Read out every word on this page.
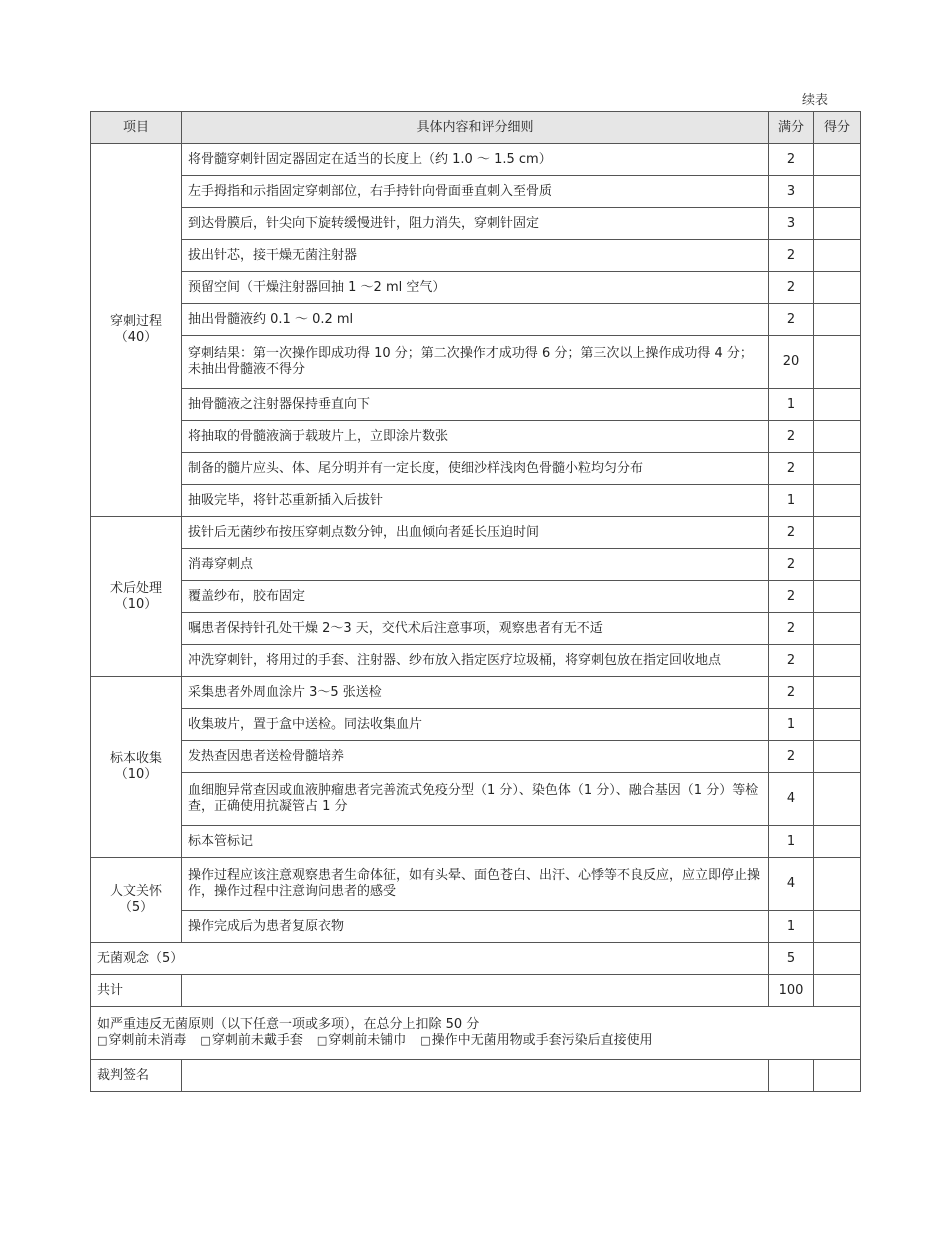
续表
项目	具体内容和评分细则	满分	得分
穿刺过程（40）	将骨髓穿刺针固定器固定在适当的长度上（约 1.0 ～ 1.5 cm）	2	
	左手拇指和示指固定穿刺部位，右手持针向骨面垂直刺入至骨质	3	
	到达骨膜后，针尖向下旋转缓慢进针，阻力消失，穿刺针固定	3	
	拔出针芯，接干燥无菌注射器	2	
	预留空间（干燥注射器回抽 1 ～2 ml 空气）	2	
	抽出骨髓液约 0.1 ～ 0.2 ml	2	
	穿刺结果：第一次操作即成功得 10 分；第二次操作才成功得 6 分；第三次以上操作成功得 4 分；未抽出骨髓液不得分	20	
	抽骨髓液之注射器保持垂直向下	1	
	将抽取的骨髓液滴于载玻片上，立即涂片数张	2	
	制备的髓片应头、体、尾分明并有一定长度，使细沙样浅肉色骨髓小粒均匀分布	2	
	抽吸完毕，将针芯重新插入后拔针	1	
术后处理（10）	拔针后无菌纱布按压穿刺点数分钟，出血倾向者延长压迫时间	2	
	消毒穿刺点	2	
	覆盖纱布，胶布固定	2	
	嘱患者保持针孔处干燥 2～3 天，交代术后注意事项，观察患者有无不适	2	
	冲洗穿刺针，将用过的手套、注射器、纱布放入指定医疗垃圾桶，将穿刺包放在指定回收地点	2	
标本收集（10）	采集患者外周血涂片 3～5 张送检	2	
	收集玻片，置于盒中送检。同法收集血片	1	
	发热查因患者送检骨髓培养	2	
	血细胞异常查因或血液肿瘤患者完善流式免疫分型（1 分）、染色体（1 分）、融合基因（1 分）等检查，正确使用抗凝管占 1 分	4	
	标本管标记	1	
人文关怀（5）	操作过程应该注意观察患者生命体征，如有头晕、面色苍白、出汗、心悸等不良反应，应立即停止操作，操作过程中注意询问患者的感受	4	
	操作完成后为患者复原衣物	1	
无菌观念（5）		5	
共计		100	

如严重违反无菌原则（以下任意一项或多项），在总分上扣除 50 分
□穿刺前未消毒 □穿刺前未戴手套 □穿刺前未铺巾 □操作中无菌用物或手套污染后直接使用			

裁判签名			
